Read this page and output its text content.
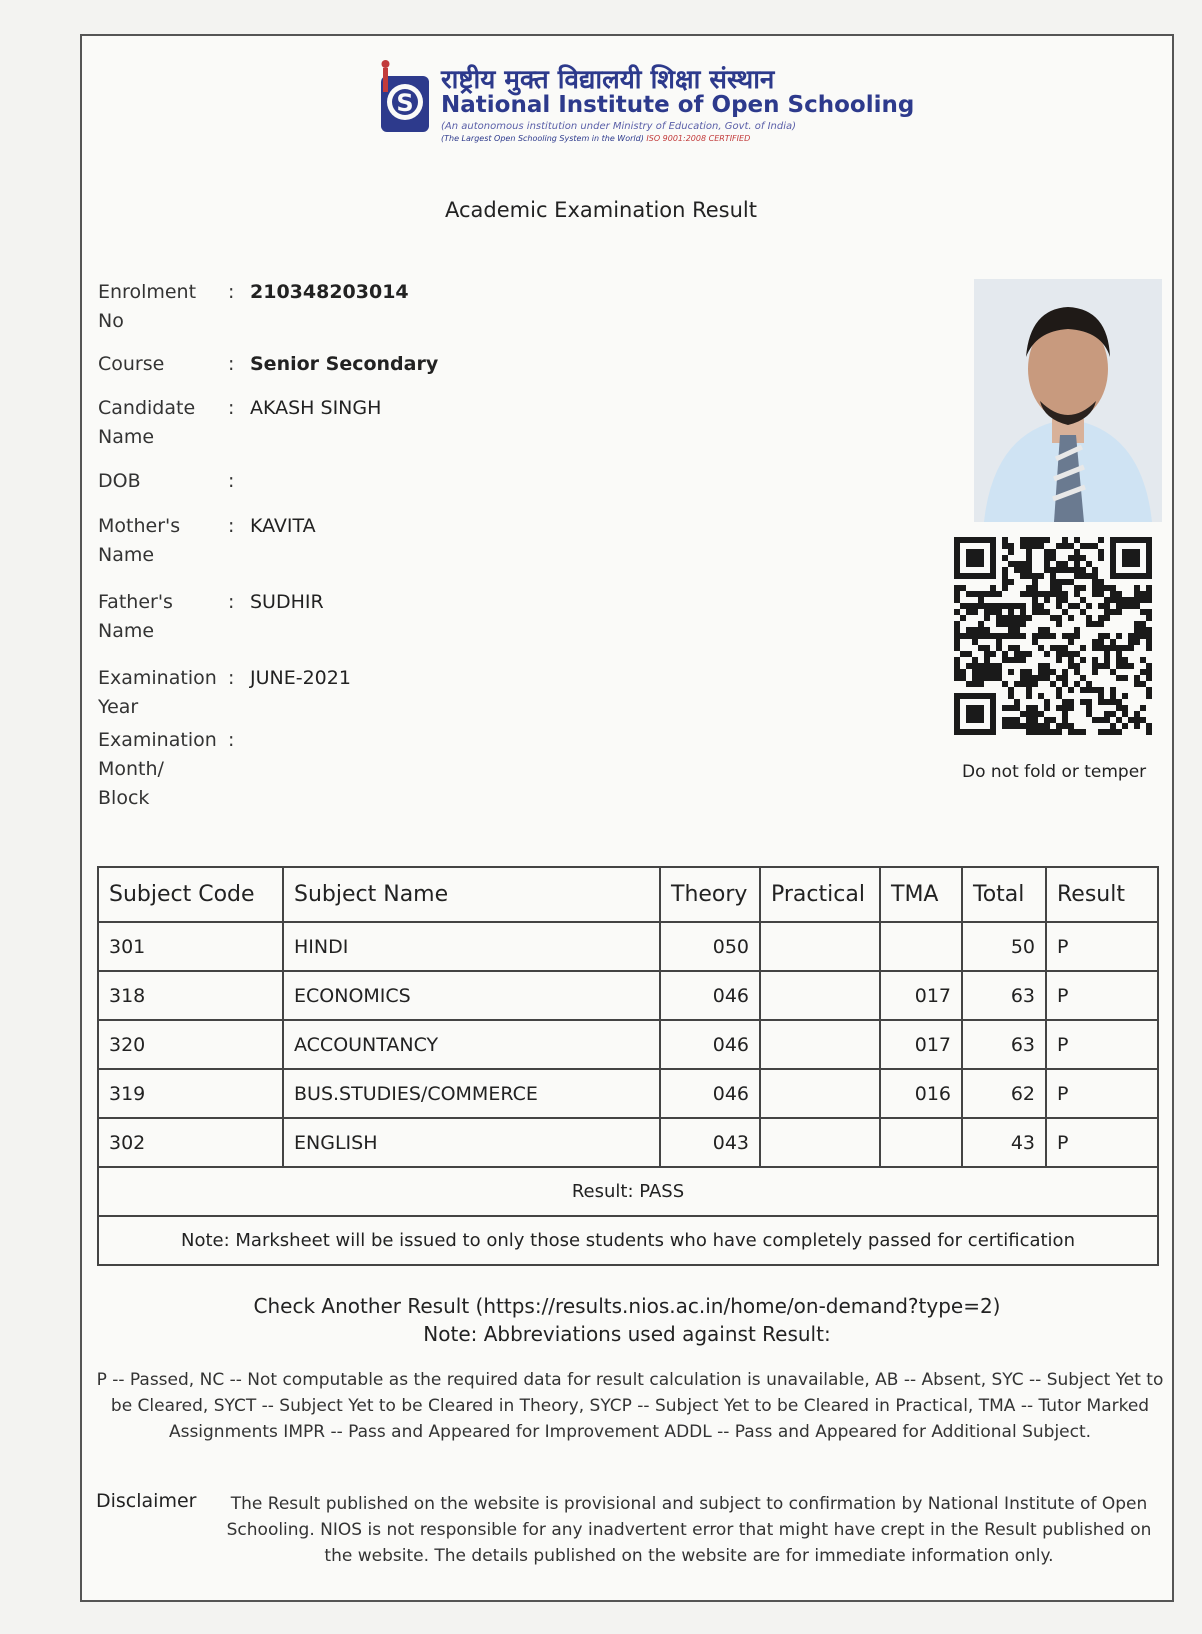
S
राष्ट्रीय मुक्त विद्यालयी शिक्षा संस्थान
National Institute of Open Schooling
(An autonomous institution under Ministry of Education, Govt. of India)
(The Largest Open Schooling System in the World) ISO 9001:2008 CERTIFIED
Academic Examination Result
Enrolment No
: 210348203014
Course	: Senior Secondary
Candidate Name
: AKASH SINGH
DOB	:
Mother's Name
: KAVITA
Father's Name
: SUDHIR
Examination Year
: JUNE-2021
Examination Month/ Block
:
Do not fold or temper
Subject Code	Subject Name	Theory	Practical	TMA	Total	Result
301	HINDI	050			50	P
318	ECONOMICS	046		017	63	P
320	ACCOUNTANCY	046		017	63	P
319	BUS.STUDIES/COMMERCE	046		016	62	P
302	ENGLISH	043			43	P
Result: PASS						
Note: Marksheet will be issued to only those students who have completely passed for certification						
Check Another Result (https://results.nios.ac.in/home/on-demand?type=2)
Note: Abbreviations used against Result:
P -- Passed, NC -- Not computable as the required data for result calculation is unavailable, AB -- Absent, SYC -- Subject Yet to be Cleared, SYCT -- Subject Yet to be Cleared in Theory, SYCP -- Subject Yet to be Cleared in Practical, TMA -- Tutor Marked Assignments IMPR -- Pass and Appeared for Improvement ADDL -- Pass and Appeared for Additional Subject.
Disclaimer	The Result published on the website is provisional and subject to confirmation by National Institute of Open Schooling. NIOS is not responsible for any inadvertent error that might have crept in the Result published on the website. The details published on the website are for immediate information only.
